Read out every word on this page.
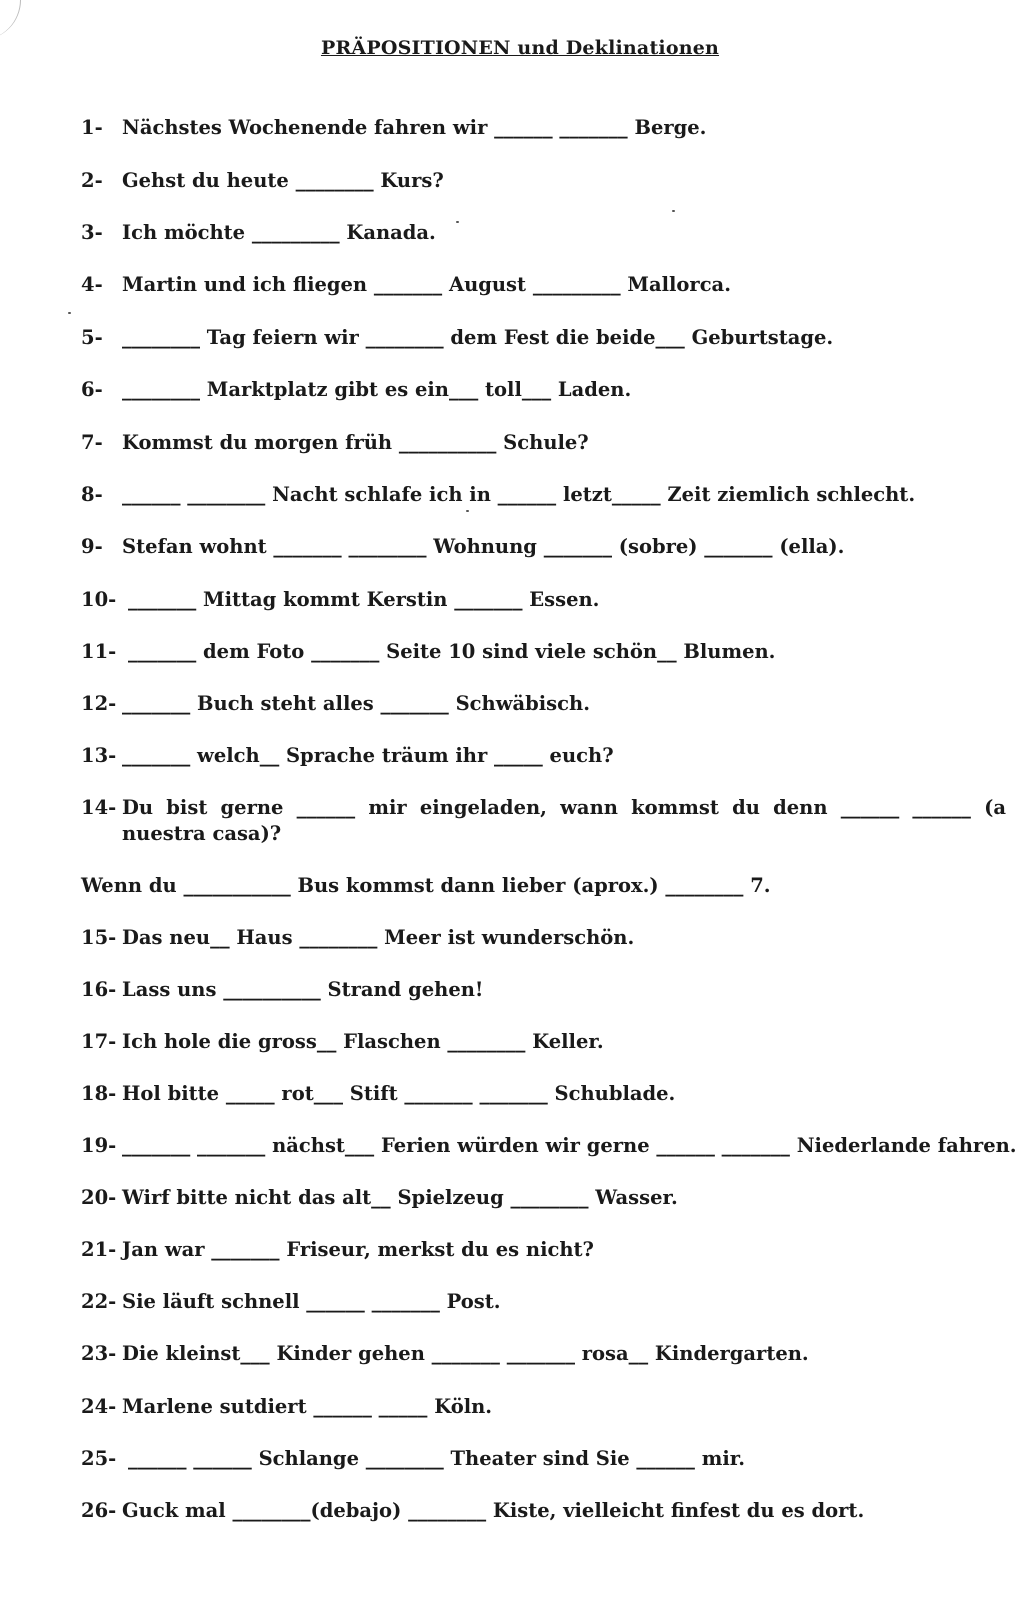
PRÄPOSITIONEN und Deklinationen
1- Nächstes Wochenende fahren wir ______ _______ Berge.
2- Gehst du heute ________ Kurs?
3- Ich möchte _________ Kanada.
4- Martin und ich fliegen _______ August _________ Mallorca.
5- ________ Tag feiern wir ________ dem Fest die beide___ Geburtstage.
6- ________ Marktplatz gibt es ein___ toll___ Laden.
7- Kommst du morgen früh __________ Schule?
8- ______ ________ Nacht schlafe ich in ______ letzt_____ Zeit ziemlich schlecht.
9- Stefan wohnt _______ ________ Wohnung _______ (sobre) _______ (ella).
10- _______ Mittag kommt Kerstin _______ Essen.
11- _______ dem Foto _______ Seite 10 sind viele schön__ Blumen.
12- _______ Buch steht alles _______ Schwäbisch.
13- _______ welch__ Sprache träum ihr _____ euch?
14- Du bist gerne ______ mir eingeladen, wann kommst du denn ______ ______ (a nuestra casa)?
Wenn du ___________ Bus kommst dann lieber (aprox.) ________ 7.
15- Das neu__ Haus ________ Meer ist wunderschön.
16- Lass uns __________ Strand gehen!
17- Ich hole die gross__ Flaschen ________ Keller.
18- Hol bitte _____ rot___ Stift _______ _______ Schublade.
19- _______ _______ nächst___ Ferien würden wir gerne ______ _______ Niederlande fahren.
20- Wirf bitte nicht das alt__ Spielzeug ________ Wasser.
21- Jan war _______ Friseur, merkst du es nicht?
22- Sie läuft schnell ______ _______ Post.
23- Die kleinst___ Kinder gehen _______ _______ rosa__ Kindergarten.
24- Marlene sutdiert ______ _____ Köln.
25- ______ ______ Schlange ________ Theater sind Sie ______ mir.
26- Guck mal ________(debajo) ________ Kiste, vielleicht finfest du es dort.
